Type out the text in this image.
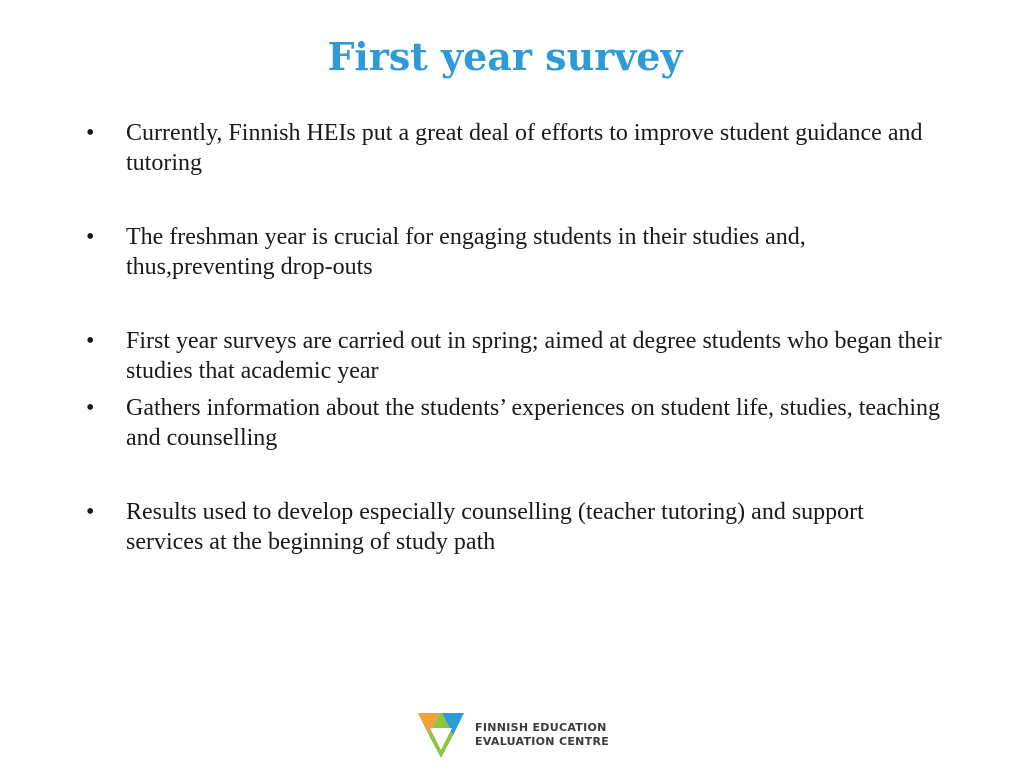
First year survey
• Currently, Finnish HEIs put a great deal of efforts to improve student guidance and tutoring
• The freshman year is crucial for engaging students in their studies and, thus,preventing drop-outs
• First year surveys are carried out in spring; aimed at degree students who began their studies that academic year
• Gathers information about the students’ experiences on student life, studies, teaching and counselling
• Results used to develop especially counselling (teacher tutoring) and support services at the beginning of study path
FINNISH EDUCATION
EVALUATION CENTRE
